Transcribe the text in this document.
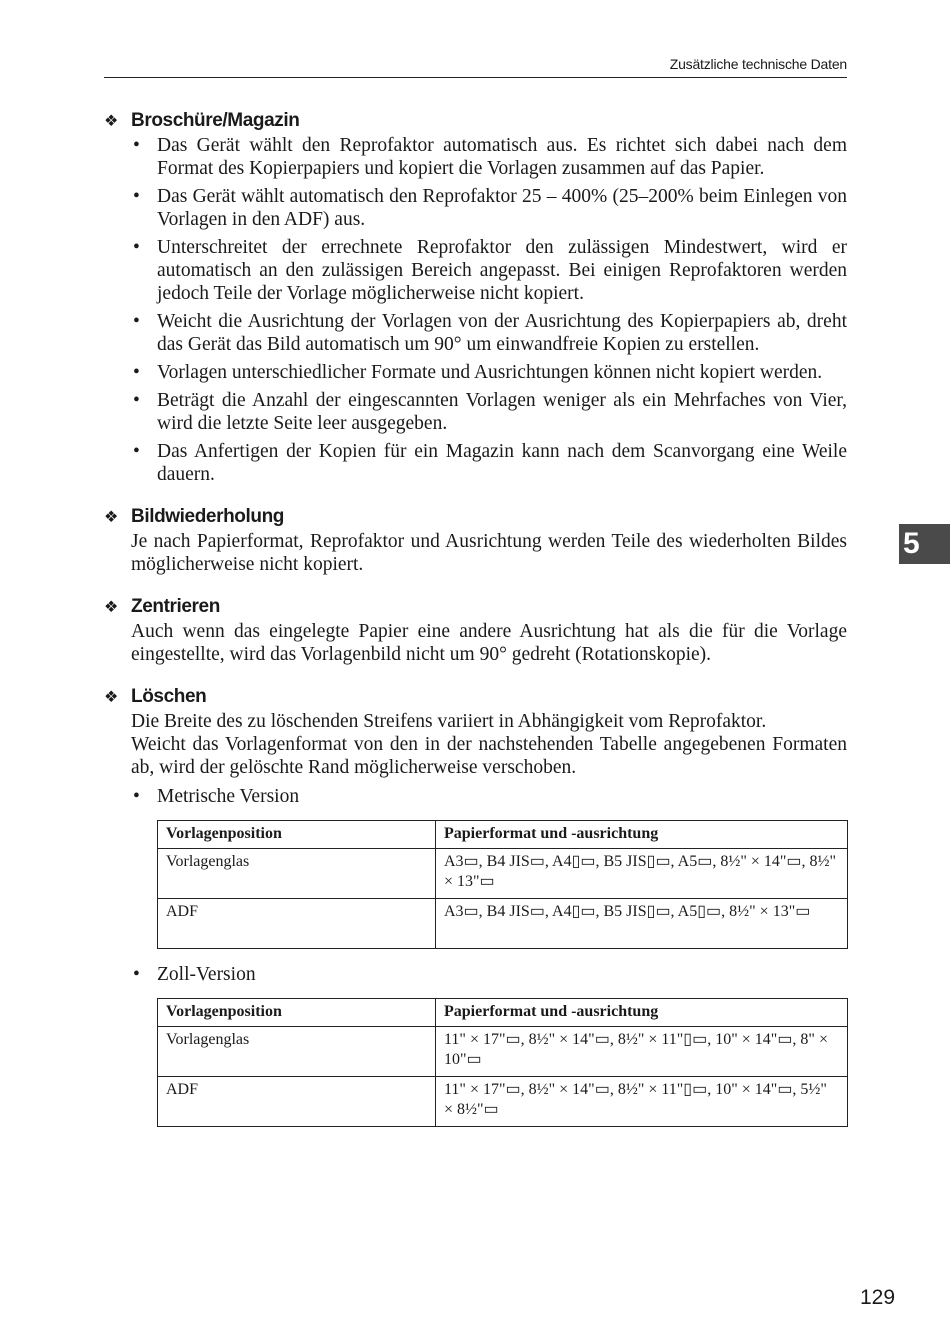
Zusätzliche technische Daten
5
❖ Broschüre/Magazin
• Das Gerät wählt den Reprofaktor automatisch aus. Es richtet sich dabei nach dem Format des Kopierpapiers und kopiert die Vorlagen zusammen auf das Papier.
• Das Gerät wählt automatisch den Reprofaktor 25 – 400% (25–200% beim Einlegen von Vorlagen in den ADF) aus.
• Unterschreitet der errechnete Reprofaktor den zulässigen Mindestwert, wird er automatisch an den zulässigen Bereich angepasst. Bei einigen Reprofaktoren werden jedoch Teile der Vorlage möglicherweise nicht kopiert.
• Weicht die Ausrichtung der Vorlagen von der Ausrichtung des Kopierpapiers ab, dreht das Gerät das Bild automatisch um 90° um einwandfreie Kopien zu erstellen.
• Vorlagen unterschiedlicher Formate und Ausrichtungen können nicht kopiert werden.
• Beträgt die Anzahl der eingescannten Vorlagen weniger als ein Mehrfaches von Vier, wird die letzte Seite leer ausgegeben.
• Das Anfertigen der Kopien für ein Magazin kann nach dem Scanvorgang eine Weile dauern.
❖ Bildwiederholung

Je nach Papierformat, Reprofaktor und Ausrichtung werden Teile des wiederholten Bildes möglicherweise nicht kopiert.

❖ Zentrieren

Auch wenn das eingelegte Papier eine andere Ausrichtung hat als die für die Vorlage eingestellte, wird das Vorlagenbild nicht um 90° gedreht (Rotationskopie).

❖ Löschen

Die Breite des zu löschenden Streifens variiert in Abhängigkeit vom Reprofaktor.

Weicht das Vorlagenformat von den in der nachstehenden Tabelle angegebenen Formaten ab, wird der gelöschte Rand möglicherweise verschoben.

• Metrische Version
Vorlagenposition	Papierformat und -ausrichtung
Vorlagenglas	A3▭, B4 JIS▭, A4▯▭, B5 JIS▯▭, A5▭, 8½" × 14"▭, 8½" × 13"▭
ADF	A3▭, B4 JIS▭, A4▯▭, B5 JIS▯▭, A5▯▭, 8½" × 13"▭
• Zoll-Version
Vorlagenposition	Papierformat und -ausrichtung
Vorlagenglas	11" × 17"▭, 8½" × 14"▭, 8½" × 11"▯▭, 10" × 14"▭, 8" × 10"▭
ADF	11" × 17"▭, 8½" × 14"▭, 8½" × 11"▯▭, 10" × 14"▭, 5½" × 8½"▭
129
